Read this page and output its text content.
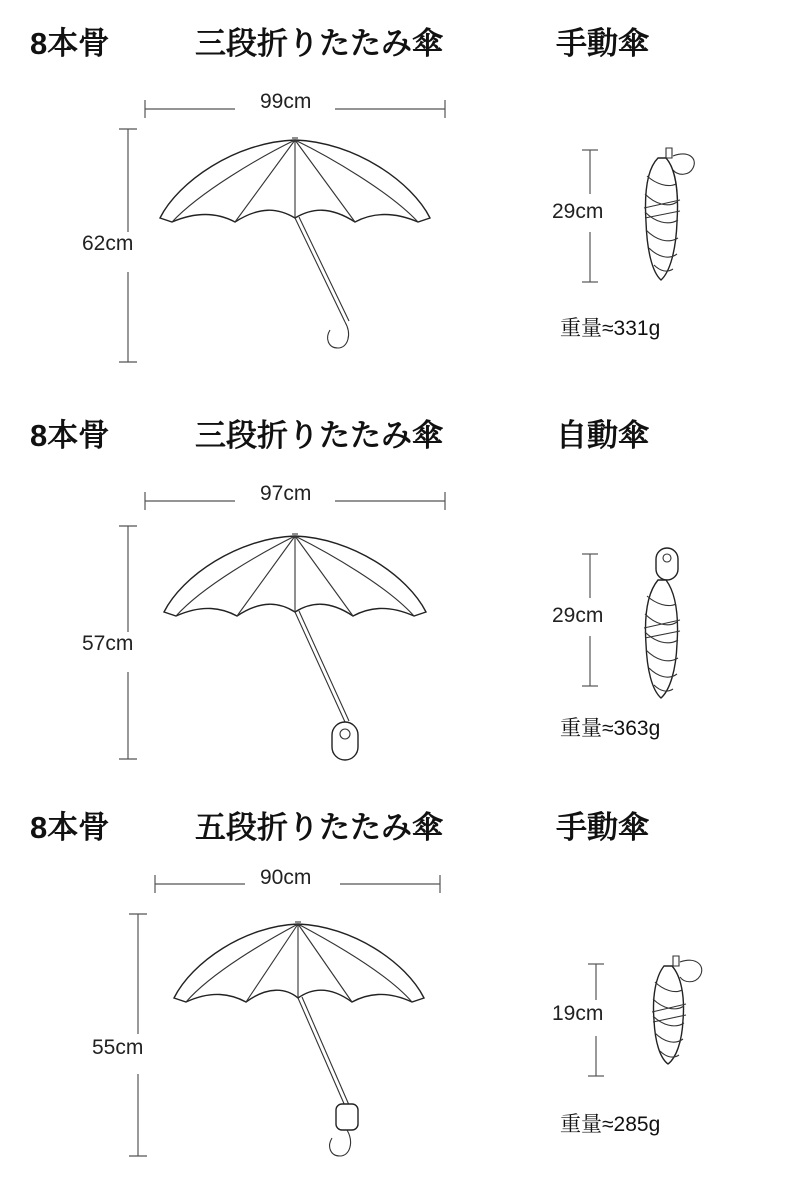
8本骨	三段折りたたみ傘	手動傘
99cm
62cm
29cm
重量≈331g
8本骨	三段折りたたみ傘	自動傘
97cm
57cm
29cm
重量≈363g
8本骨	五段折りたたみ傘	手動傘
90cm
55cm
19cm
重量≈285g
